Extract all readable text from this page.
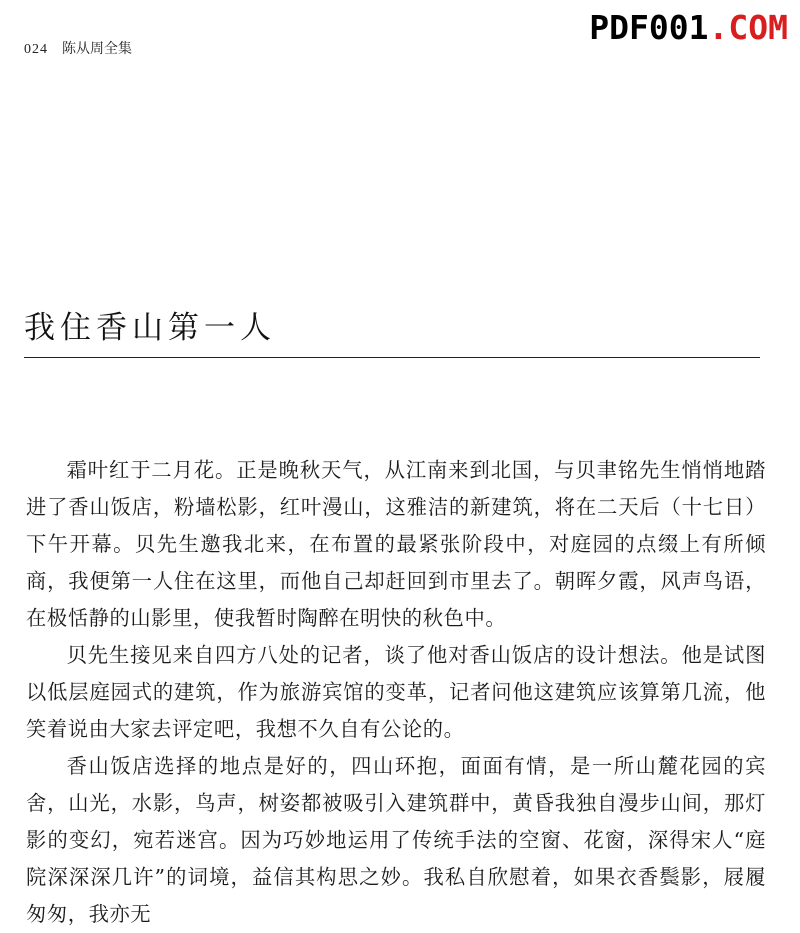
024 陈从周全集
PDF001.COM
我住香山第一人

霜叶红于二月花。正是晚秋天气，从江南来到北国，与贝聿铭先生悄悄地踏进了香山饭店，粉墙松影，红叶漫山，这雅洁的新建筑，将在二天后（十七日）下午开幕。贝先生邀我北来，在布置的最紧张阶段中，对庭园的点缀上有所倾商，我便第一人住在这里，而他自己却赶回到市里去了。朝晖夕霞，风声鸟语，在极恬静的山影里，使我暂时陶醉在明快的秋色中。

贝先生接见来自四方八处的记者，谈了他对香山饭店的设计想法。他是试图以低层庭园式的建筑，作为旅游宾馆的变革，记者问他这建筑应该算第几流，他笑着说由大家去评定吧，我想不久自有公论的。

香山饭店选择的地点是好的，四山环抱，面面有情，是一所山麓花园的宾舍，山光，水影，鸟声，树姿都被吸引入建筑群中，黄昏我独自漫步山间，那灯影的变幻，宛若迷宫。因为巧妙地运用了传统手法的空窗、花窗，深得宋人“庭院深深深几许”的词境，益信其构思之妙。我私自欣慰着，如果衣香鬓影，屐履匆匆，我亦无
